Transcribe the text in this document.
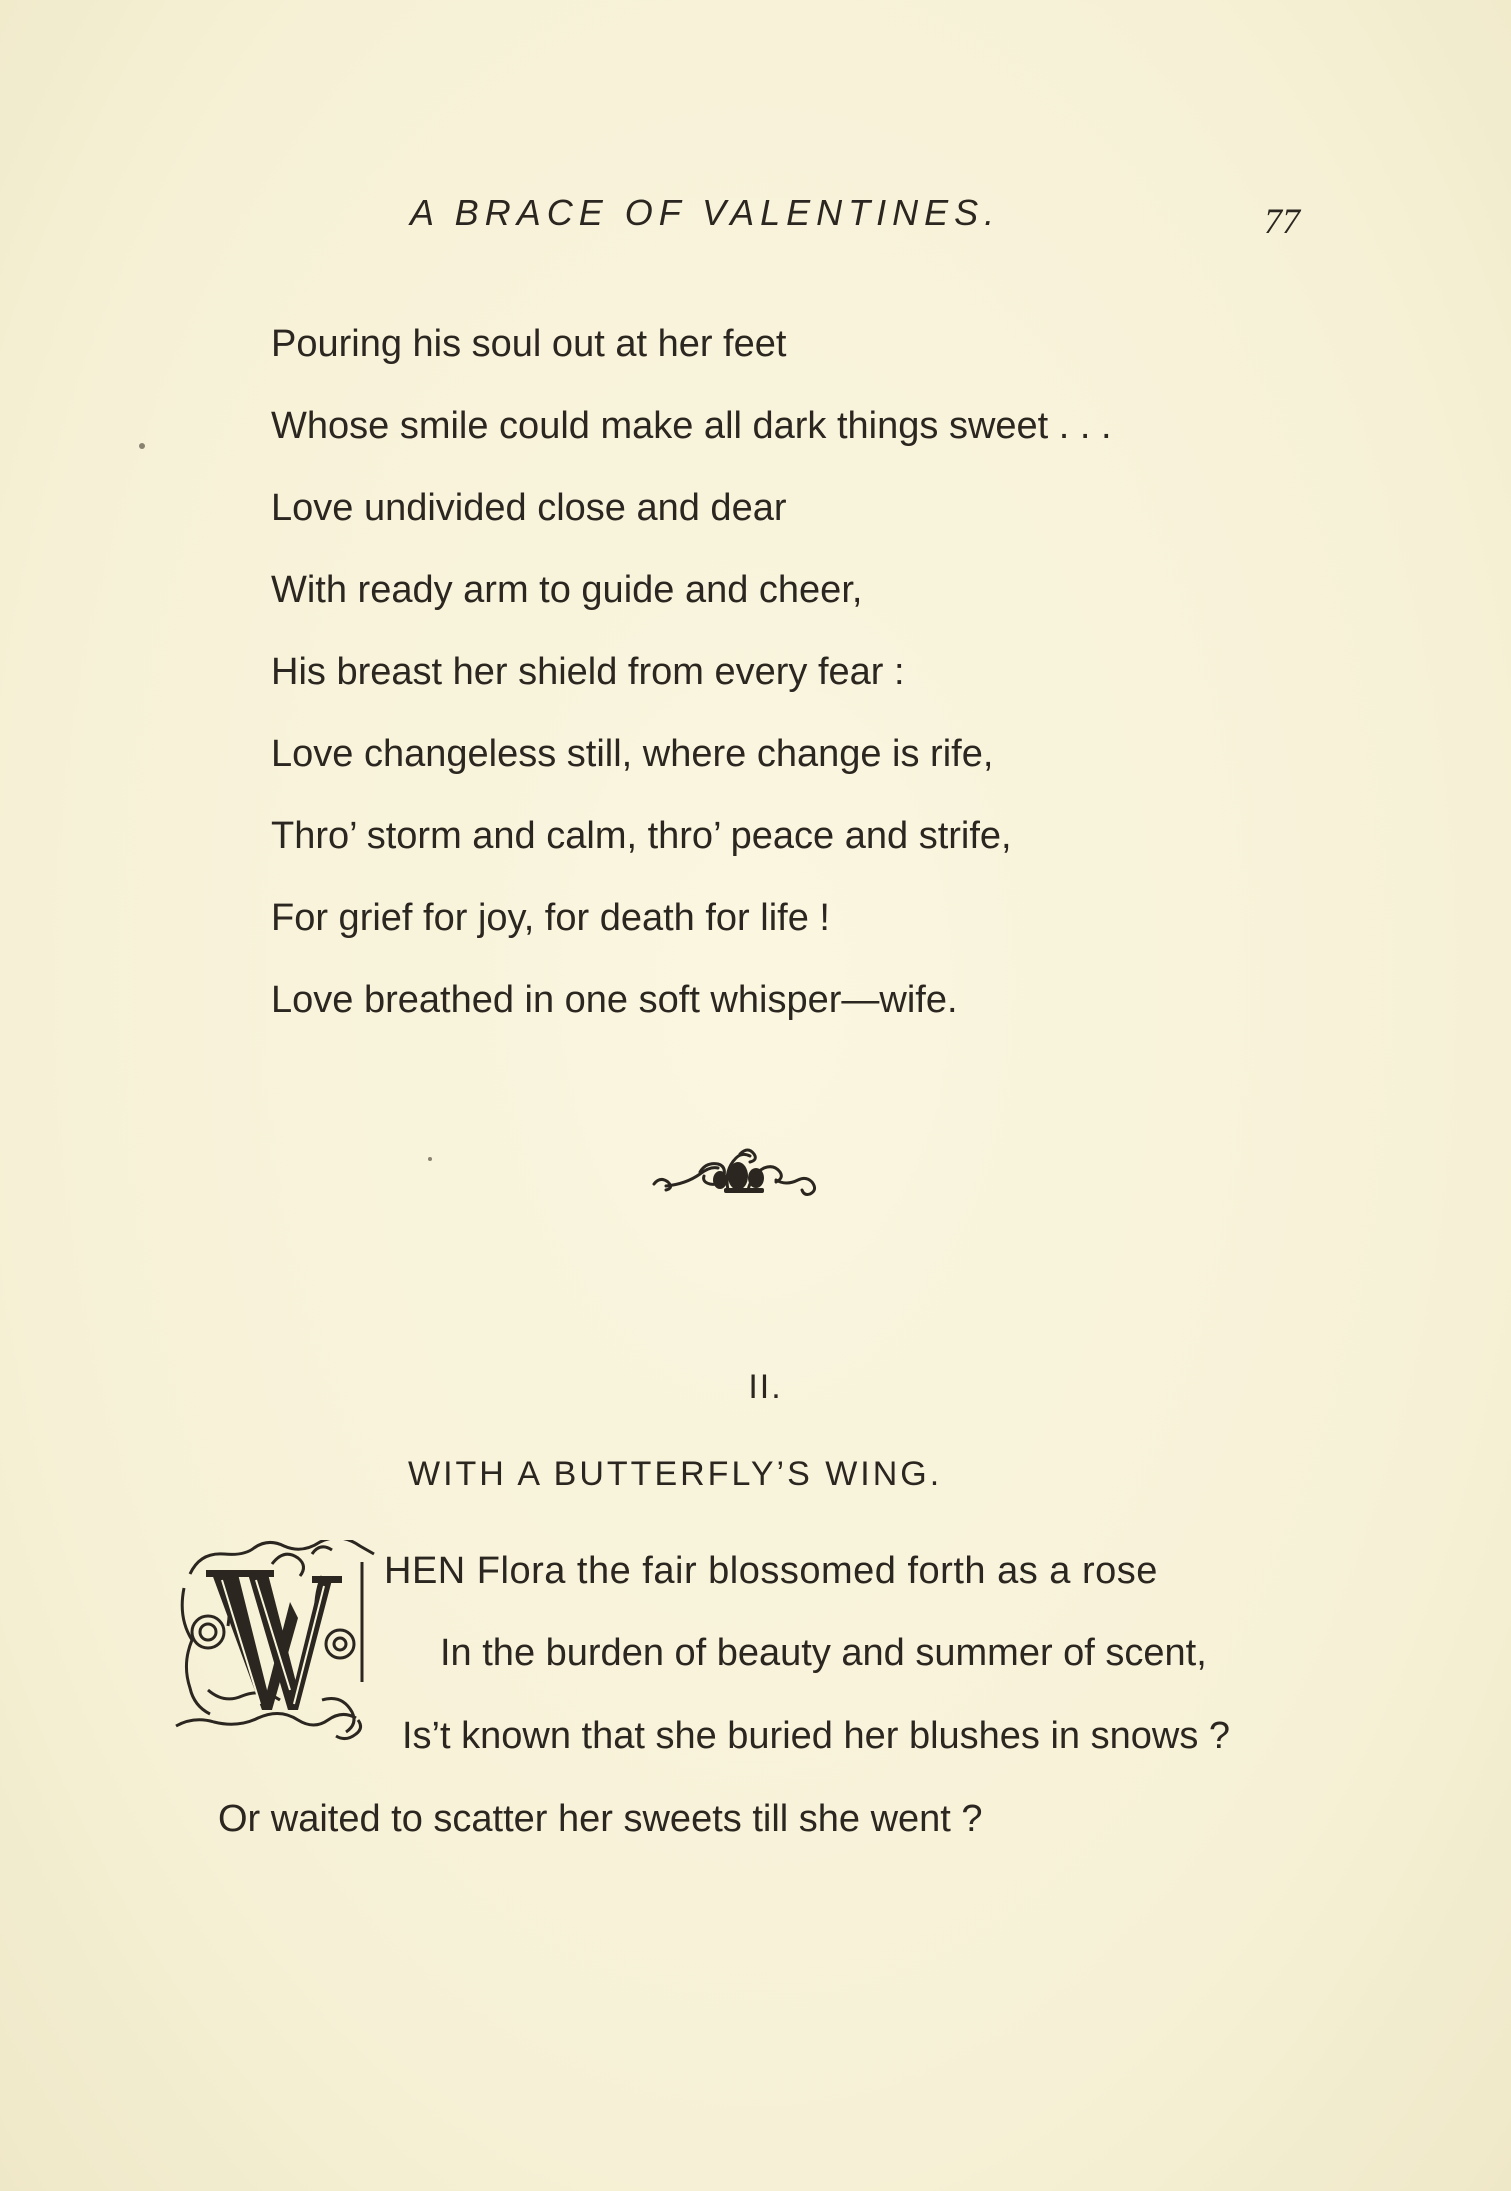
A BRACE OF VALENTINES.	77
Pouring his soul out at her feet
Whose smile could make all dark things sweet . . .
Love undivided close and dear
With ready arm to guide and cheer,
His breast her shield from every fear :
Love changeless still, where change is rife,
Thro’ storm and calm, thro’ peace and strife,
For grief for joy, for death for life !
Love breathed in one soft whisper—wife.
II.
WITH A BUTTERFLY’S WING.
HEN Flora the fair blossomed forth as a rose
In the burden of beauty and summer of scent,
Is’t known that she buried her blushes in snows ?
Or waited to scatter her sweets till she went ?
